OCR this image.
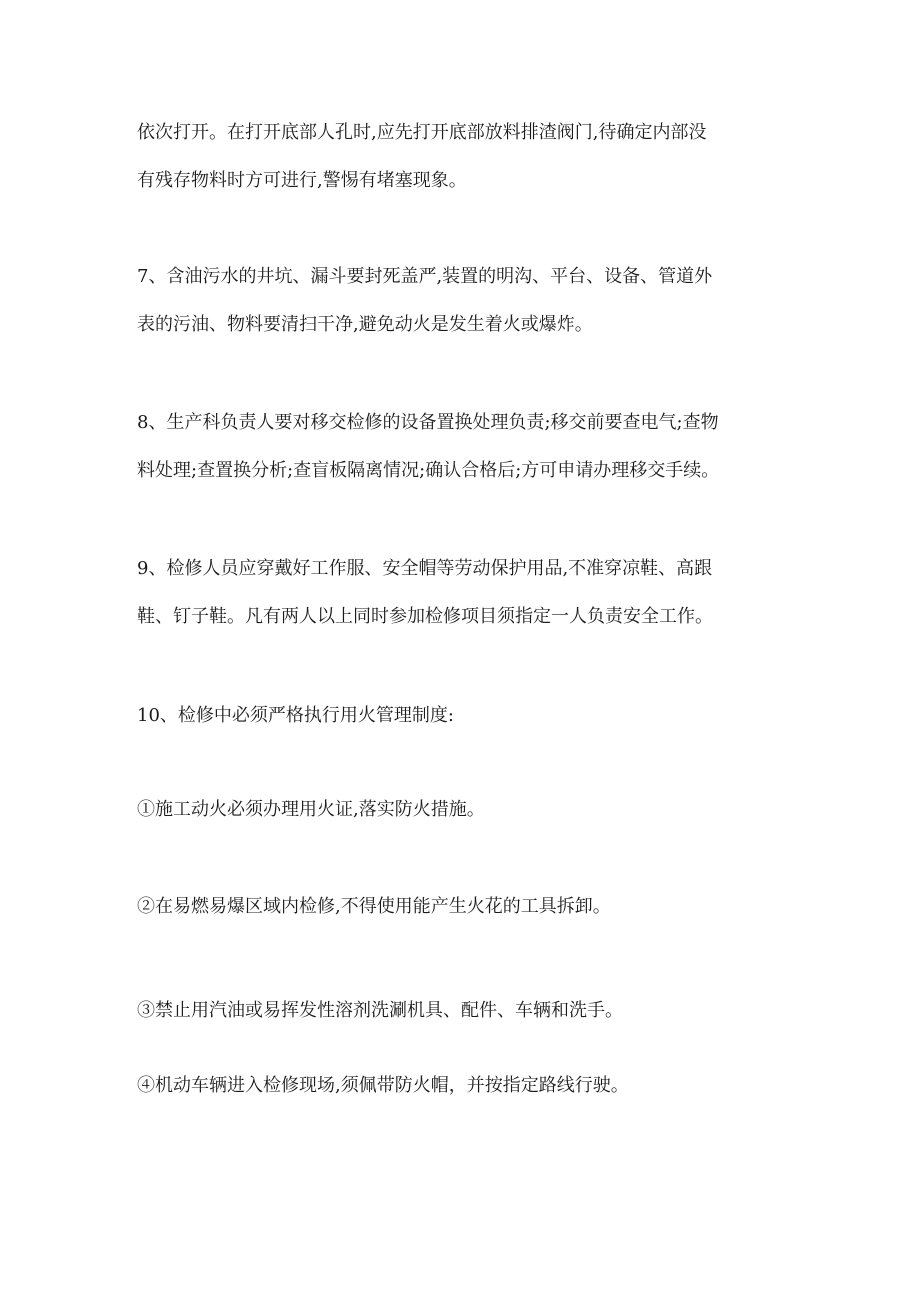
依次打开。在打开底部人孔时,应先打开底部放料排渣阀门,待确定内部没
有残存物料时方可进行,警惕有堵塞现象。

7、含油污水的井坑、漏斗要封死盖严,装置的明沟、平台、设备、管道外
表的污油、物料要清扫干净,避免动火是发生着火或爆炸。

8、生产科负责人要对移交检修的设备置换处理负责;移交前要查电气;查物
料处理;查置换分析;查盲板隔离情况;确认合格后;方可申请办理移交手续。

9、检修人员应穿戴好工作服、安全帽等劳动保护用品,不准穿凉鞋、高跟
鞋、钉子鞋。凡有两人以上同时参加检修项目须指定一人负责安全工作。

10、检修中必须严格执行用火管理制度:

①施工动火必须办理用火证,落实防火措施。

②在易燃易爆区域内检修,不得使用能产生火花的工具拆卸。

③禁止用汽油或易挥发性溶剂洗涮机具、配件、车辆和洗手。

④机动车辆进入检修现场,须佩带防火帽，并按指定路线行驶。
